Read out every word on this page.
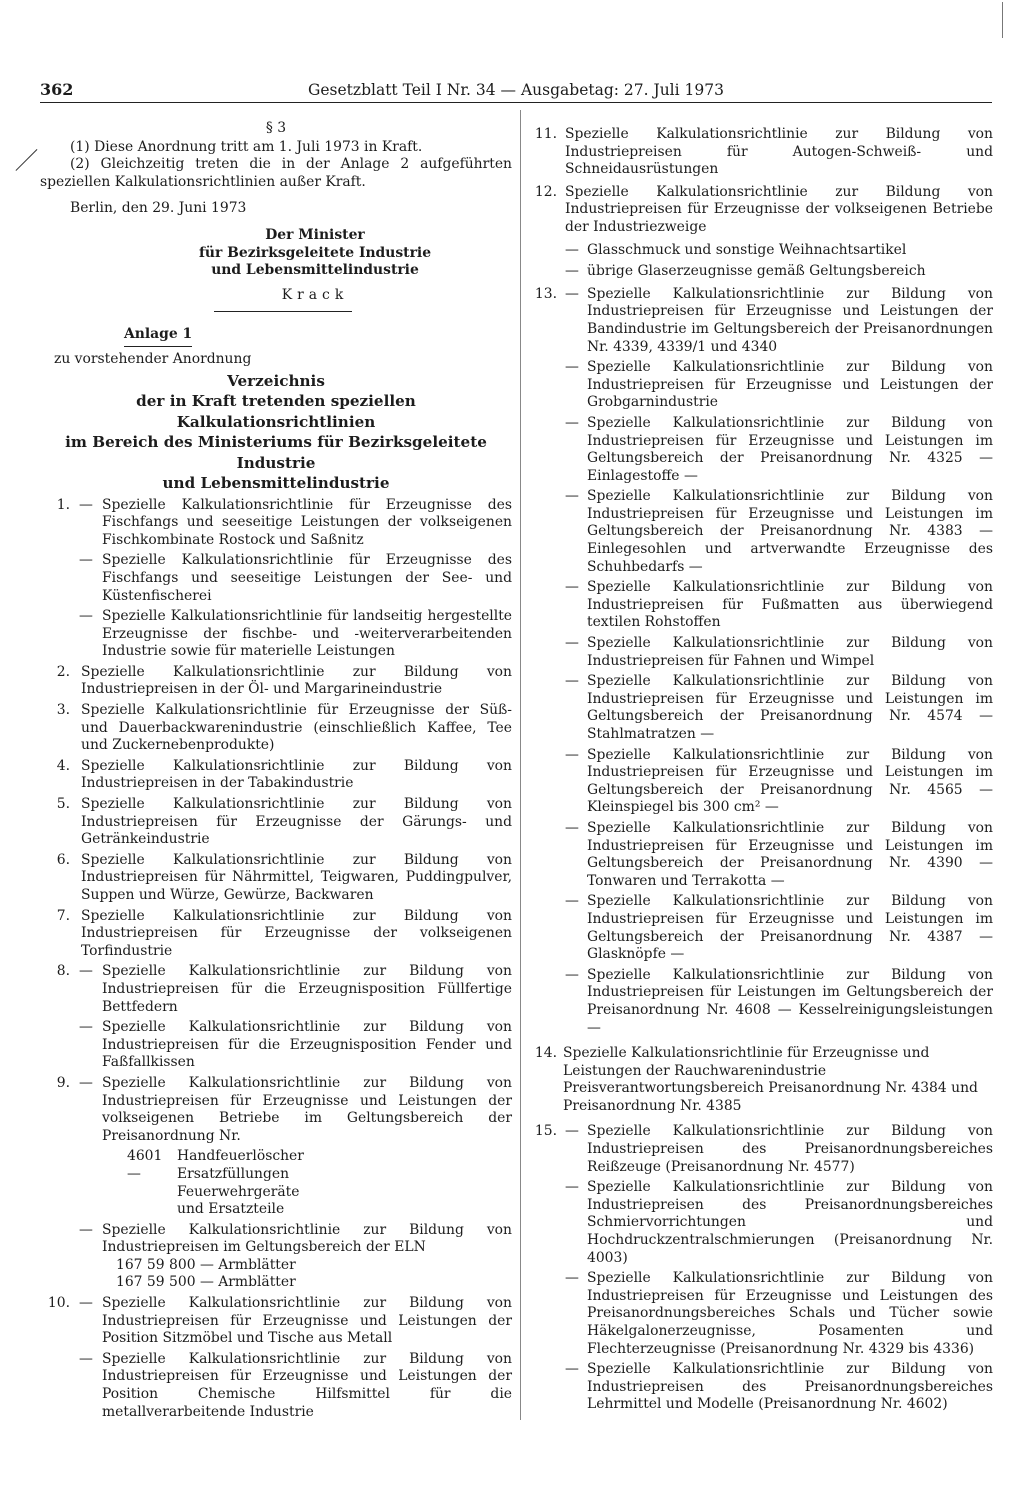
362	Gesetzblatt Teil I Nr. 34 — Ausgabetag: 27. Juli 1973
§ 3

(1) Diese Anordnung tritt am 1. Juli 1973 in Kraft.

(2) Gleichzeitig treten die in der Anlage 2 aufgeführten speziellen Kalkulationsrichtlinien außer Kraft.

Berlin, den 29. Juni 1973
Der Minister
für Bezirksgeleitete Industrie
und Lebensmittelindustrie
Krack
Anlage 1
zu vorstehender Anordnung
Verzeichnis
der in Kraft tretenden speziellen Kalkulationsrichtlinien
im Bereich des Ministeriums für Bezirksgeleitete Industrie
und Lebensmittelindustrie
1. — Spezielle Kalkulationsrichtlinie für Erzeugnisse des Fischfangs und seeseitige Leistungen der volkseigenen Fischkombinate Rostock und Saßnitz
— Spezielle Kalkulationsrichtlinie für Erzeugnisse des Fischfangs und seeseitige Leistungen der See- und Küstenfischerei
— Spezielle Kalkulationsrichtlinie für landseitig hergestellte Erzeugnisse der fischbe- und -weiterverarbeitenden Industrie sowie für materielle Leistungen
2. Spezielle Kalkulationsrichtlinie zur Bildung von Industriepreisen in der Öl- und Margarineindustrie
3. Spezielle Kalkulationsrichtlinie für Erzeugnisse der Süß- und Dauerbackwarenindustrie (einschließlich Kaffee, Tee und Zuckernebenprodukte)
4. Spezielle Kalkulationsrichtlinie zur Bildung von Industriepreisen in der Tabakindustrie
5. Spezielle Kalkulationsrichtlinie zur Bildung von Industriepreisen für Erzeugnisse der Gärungs- und Getränkeindustrie
6. Spezielle Kalkulationsrichtlinie zur Bildung von Industriepreisen für Nährmittel, Teigwaren, Puddingpulver, Suppen und Würze, Gewürze, Backwaren
7. Spezielle Kalkulationsrichtlinie zur Bildung von Industriepreisen für Erzeugnisse der volkseigenen Torfindustrie
8. — Spezielle Kalkulationsrichtlinie zur Bildung von Industriepreisen für die Erzeugnisposition Füllfertige Bettfedern
— Spezielle Kalkulationsrichtlinie zur Bildung von Industriepreisen für die Erzeugnisposition Fender und Faßfallkissen
9. — Spezielle Kalkulationsrichtlinie zur Bildung von Industriepreisen für Erzeugnisse und Leistungen der volkseigenen Betriebe im Geltungsbereich der Preisanordnung Nr.
4601 —
Handfeuerlöscher
Ersatzfüllungen
Feuerwehrgeräte
und Ersatzteile
— Spezielle Kalkulationsrichtlinie zur Bildung von Industriepreisen im Geltungsbereich der ELN
167 59 800 — Armblätter
167 59 500 — Armblätter
10. — Spezielle Kalkulationsrichtlinie zur Bildung von Industriepreisen für Erzeugnisse und Leistungen der Position Sitzmöbel und Tische aus Metall
— Spezielle Kalkulationsrichtlinie zur Bildung von Industriepreisen für Erzeugnisse und Leistungen der Position Chemische Hilfsmittel für die metallverarbeitende Industrie
11. Spezielle Kalkulationsrichtlinie zur Bildung von Industriepreisen für Autogen-Schweiß- und Schneidausrüstungen
12. Spezielle Kalkulationsrichtlinie zur Bildung von Industriepreisen für Erzeugnisse der volkseigenen Betriebe der Industriezweige
— Glasschmuck und sonstige Weihnachtsartikel
— übrige Glaserzeugnisse gemäß Geltungsbereich
13. — Spezielle Kalkulationsrichtlinie zur Bildung von Industriepreisen für Erzeugnisse und Leistungen der Bandindustrie im Geltungsbereich der Preisanordnungen Nr. 4339, 4339/1 und 4340
— Spezielle Kalkulationsrichtlinie zur Bildung von Industriepreisen für Erzeugnisse und Leistungen der Grobgarnindustrie
— Spezielle Kalkulationsrichtlinie zur Bildung von Industriepreisen für Erzeugnisse und Leistungen im Geltungsbereich der Preisanordnung Nr. 4325 — Einlagestoffe —
— Spezielle Kalkulationsrichtlinie zur Bildung von Industriepreisen für Erzeugnisse und Leistungen im Geltungsbereich der Preisanordnung Nr. 4383 — Einlegesohlen und artverwandte Erzeugnisse des Schuhbedarfs —
— Spezielle Kalkulationsrichtlinie zur Bildung von Industriepreisen für Fußmatten aus überwiegend textilen Rohstoffen
— Spezielle Kalkulationsrichtlinie zur Bildung von Industriepreisen für Fahnen und Wimpel
— Spezielle Kalkulationsrichtlinie zur Bildung von Industriepreisen für Erzeugnisse und Leistungen im Geltungsbereich der Preisanordnung Nr. 4574 — Stahlmatratzen —
— Spezielle Kalkulationsrichtlinie zur Bildung von Industriepreisen für Erzeugnisse und Leistungen im Geltungsbereich der Preisanordnung Nr. 4565 — Kleinspiegel bis 300 cm² —
— Spezielle Kalkulationsrichtlinie zur Bildung von Industriepreisen für Erzeugnisse und Leistungen im Geltungsbereich der Preisanordnung Nr. 4390 — Tonwaren und Terrakotta —
— Spezielle Kalkulationsrichtlinie zur Bildung von Industriepreisen für Erzeugnisse und Leistungen im Geltungsbereich der Preisanordnung Nr. 4387 — Glasknöpfe —
— Spezielle Kalkulationsrichtlinie zur Bildung von Industriepreisen für Leistungen im Geltungsbereich der Preisanordnung Nr. 4608 — Kesselreinigungsleistungen —
14. Spezielle Kalkulationsrichtlinie für Erzeugnisse und Leistungen der Rauchwarenindustrie Preisverantwortungsbereich Preisanordnung Nr. 4384 und Preisanordnung Nr. 4385
15. — Spezielle Kalkulationsrichtlinie zur Bildung von Industriepreisen des Preisanordnungsbereiches Reißzeuge (Preisanordnung Nr. 4577)
— Spezielle Kalkulationsrichtlinie zur Bildung von Industriepreisen des Preisanordnungsbereiches Schmiervorrichtungen und Hochdruckzentralschmierungen (Preisanordnung Nr. 4003)
— Spezielle Kalkulationsrichtlinie zur Bildung von Industriepreisen für Erzeugnisse und Leistungen des Preisanordnungsbereiches Schals und Tücher sowie Häkelgalonerzeugnisse, Posamenten und Flechterzeugnisse (Preisanordnung Nr. 4329 bis 4336)
— Spezielle Kalkulationsrichtlinie zur Bildung von Industriepreisen des Preisanordnungsbereiches Lehrmittel und Modelle (Preisanordnung Nr. 4602)
